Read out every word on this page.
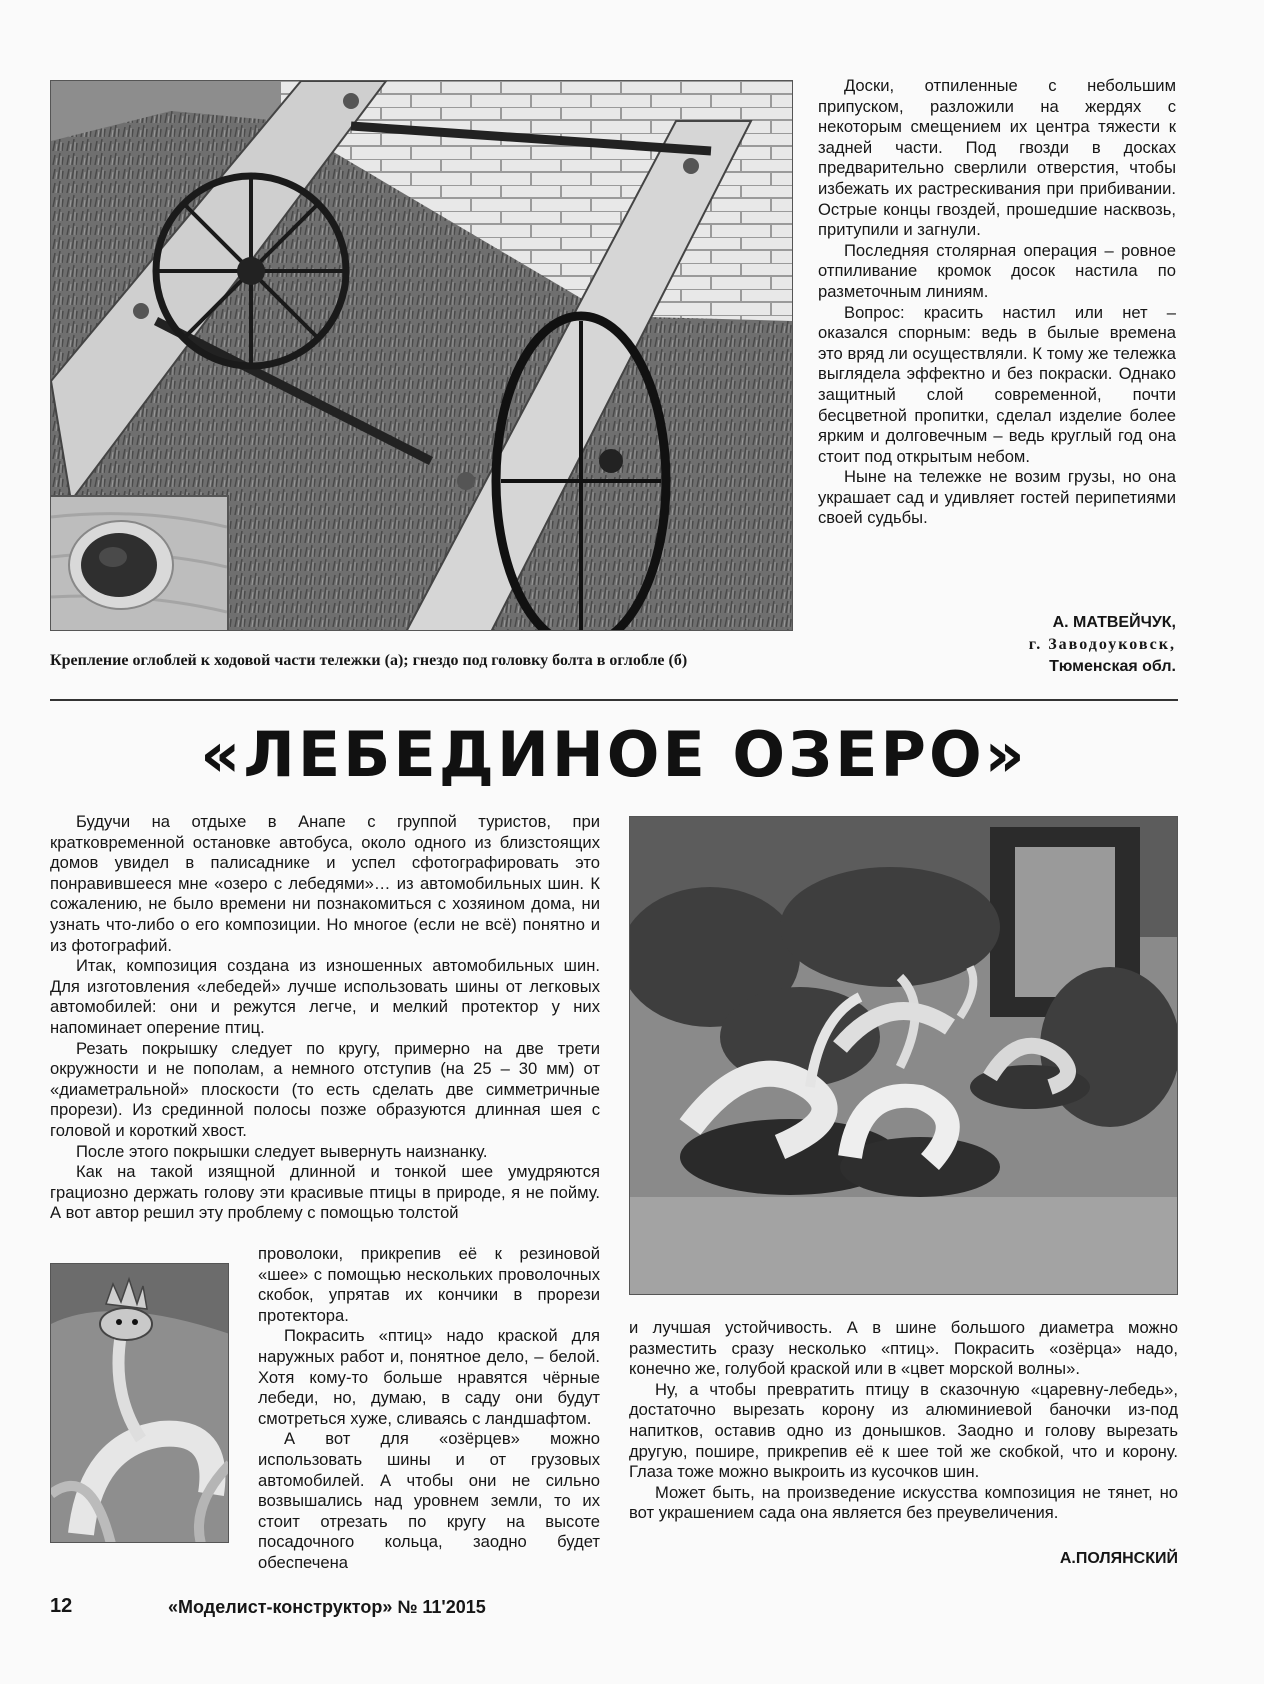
Доски, отпиленные с небольшим припуском, разложили на жердях с некоторым смещением их центра тяжести к задней части. Под гвозди в досках предварительно сверлили отверстия, чтобы избежать их растрескивания при прибивании. Острые концы гвоздей, прошедшие насквозь, притупили и загнули.

Последняя столярная операция – ровное отпиливание кромок досок настила по разметочным линиям.

Вопрос: красить настил или нет – оказался спорным: ведь в былые времена это вряд ли осуществляли. К тому же тележка выглядела эффектно и без покраски. Однако защитный слой современной, почти бесцветной пропитки, сделал изделие более ярким и долговечным – ведь круглый год она стоит под открытым небом.

Ныне на тележке не возим грузы, но она украшает сад и удивляет гостей перипетиями своей судьбы.

А. МАТВЕЙЧУК,
г. Заводоуковск,
Тюменская обл.
Крепление оглоблей к ходовой части тележки (а); гнездо под головку болта в оглобле (б)
«ЛЕБЕДИНОЕ ОЗЕРО»

Будучи на отдыхе в Анапе с группой туристов, при кратковременной остановке автобуса, около одного из близстоящих домов увидел в палисаднике и успел сфотографировать это понравившееся мне «озеро с лебедями»… из автомобильных шин. К сожалению, не было времени ни познакомиться с хозяином дома, ни узнать что-либо о его композиции. Но многое (если не всё) понятно и из фотографий.

Итак, композиция создана из изношенных автомобильных шин. Для изготовления «лебедей» лучше использовать шины от легковых автомобилей: они и режутся легче, и мелкий протектор у них напоминает оперение птиц.

Резать покрышку следует по кругу, примерно на две трети окружности и не пополам, а немного отступив (на 25 – 30 мм) от «диаметральной» плоскости (то есть сделать две симметричные прорези). Из срединной полосы позже образуются длинная шея с головой и короткий хвост.

После этого покрышки следует вывернуть наизнанку.

Как на такой изящной длинной и тонкой шее умудряются грациозно держать голову эти красивые птицы в природе, я не пойму. А вот автор решил эту проблему с помощью толстой

проволоки, прикрепив её к резиновой «шее» с помощью нескольких проволочных скобок, упрятав их кончики в прорези протектора.

Покрасить «птиц» надо краской для наружных работ и, понятное дело, – белой. Хотя кому-то больше нравятся чёрные лебеди, но, думаю, в саду они будут смотреться хуже, сливаясь с ландшафтом.

А вот для «озёрцев» можно использовать шины и от грузовых автомобилей. А чтобы они не сильно возвышались над уровнем земли, то их стоит отрезать по кругу на высоте посадочного кольца, заодно будет обеспечена

и лучшая устойчивость. А в шине большого диаметра можно разместить сразу несколько «птиц». Покрасить «озёрца» надо, конечно же, голубой краской или в «цвет морской волны».

Ну, а чтобы превратить птицу в сказочную «царевну-лебедь», достаточно вырезать корону из алюминиевой баночки из-под напитков, оставив одно из донышков. Заодно и голову вырезать другую, пошире, прикрепив её к шее той же скобкой, что и корону. Глаза тоже можно выкроить из кусочков шин.

Может быть, на произведение искусства композиция не тянет, но вот украшением сада она является без преувеличения.

А.ПОЛЯНСКИЙ
12	«Моделист-конструктор» № 11'2015
